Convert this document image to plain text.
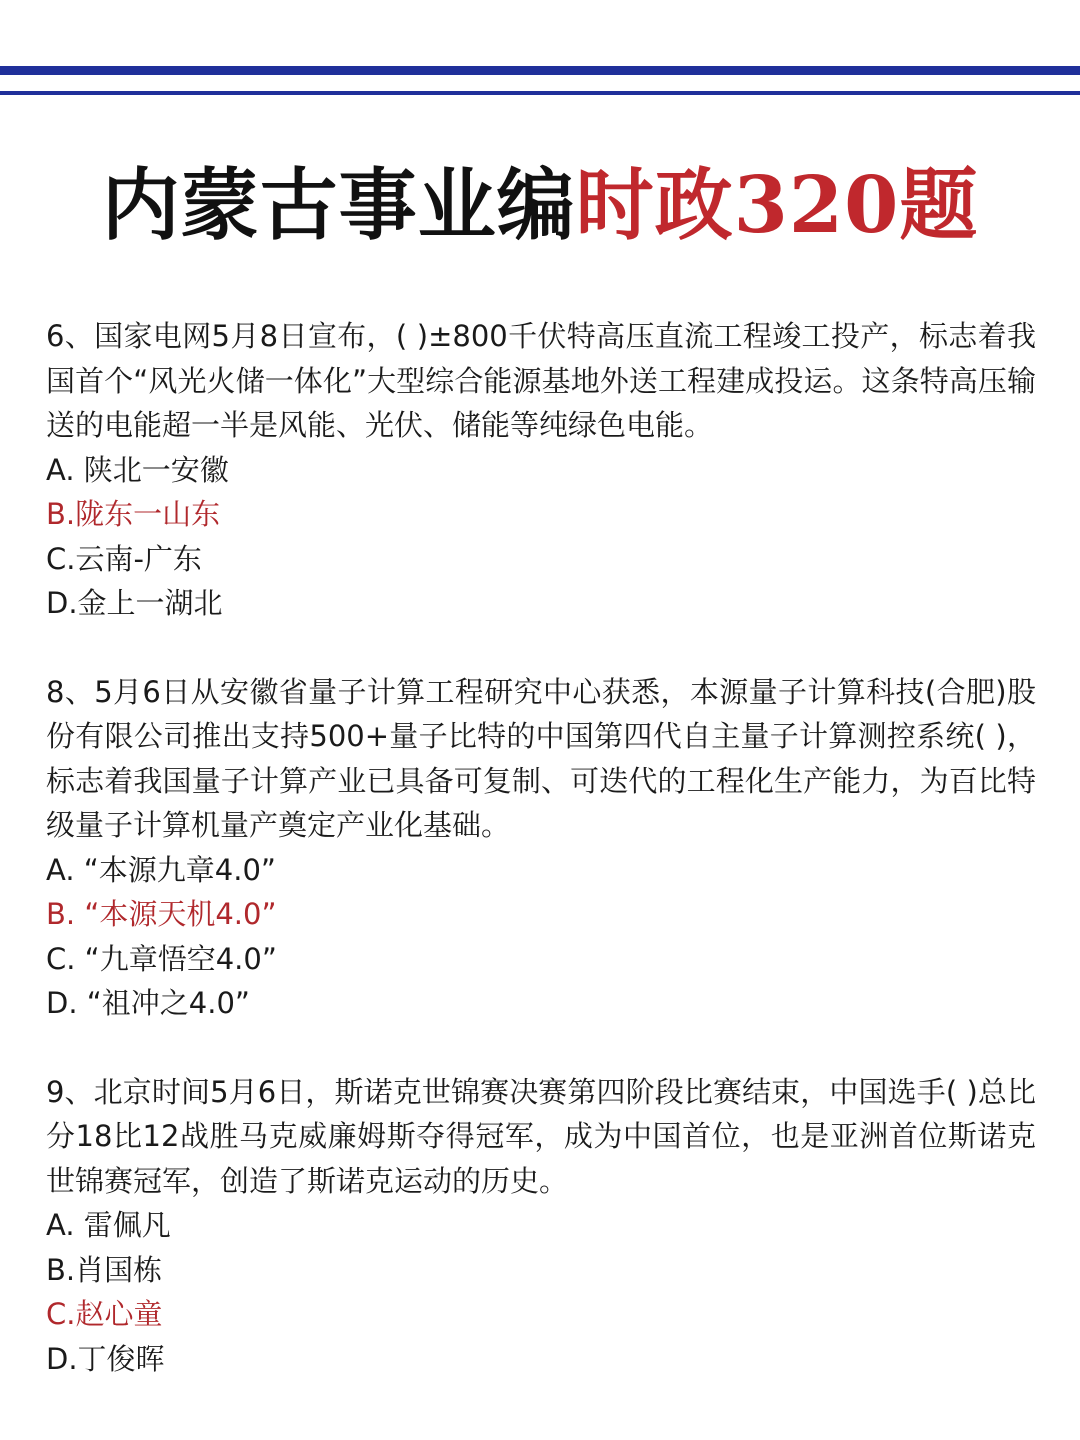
内蒙古事业编时政320题

6、国家电网5月8日宣布，( )±800千伏特高压直流工程竣工投产，标志着我国首个“风光火储一体化”大型综合能源基地外送工程建成投运。这条特高压输送的电能超一半是风能、光伏、储能等纯绿色电能。

A. 陕北一安徽

B.陇东一山东

C.云南-广东

D.金上一湖北

8、5月6日从安徽省量子计算工程研究中心获悉，本源量子计算科技(合肥)股份有限公司推出支持500+量子比特的中国第四代自主量子计算测控系统( )，标志着我国量子计算产业已具备可复制、可迭代的工程化生产能力，为百比特级量子计算机量产奠定产业化基础。

A. “本源九章4.0”

B. “本源天机4.0”

C. “九章悟空4.0”

D. “祖冲之4.0”

9、北京时间5月6日，斯诺克世锦赛决赛第四阶段比赛结束，中国选手( )总比分18比12战胜马克威廉姆斯夺得冠军，成为中国首位，也是亚洲首位斯诺克世锦赛冠军，创造了斯诺克运动的历史。

A. 雷佩凡

B.肖国栋

C.赵心童

D.丁俊晖
